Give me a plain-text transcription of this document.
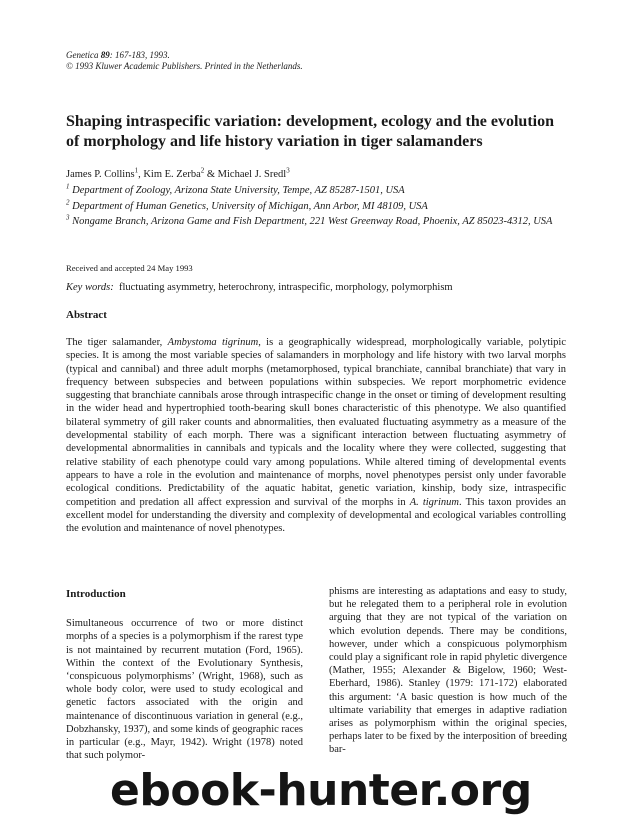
Genetica 89: 167-183, 1993.
© 1993 Kluwer Academic Publishers. Printed in the Netherlands.
Shaping intraspecific variation: development, ecology and the evolution of morphology and life history variation in tiger salamanders
James P. Collins$^1$, Kim E. Zerba$^2$ & Michael J. Sredl$^3$
$^1$ Department of Zoology, Arizona State University, Tempe, AZ 85287-1501, USA
$^2$ Department of Human Genetics, University of Michigan, Ann Arbor, MI 48109, USA
$^3$ Nongame Branch, Arizona Game and Fish Department, 221 West Greenway Road, Phoenix, AZ 85023-4312, USA
Received and accepted 24 May 1993
Key words: fluctuating asymmetry, heterochrony, intraspecific, morphology, polymorphism
Abstract

The tiger salamander, Ambystoma tigrinum, is a geographically widespread, morphologically variable, polytipic species. It is among the most variable species of salamanders in morphology and life history with two larval morphs (typical and cannibal) and three adult morphs (metamorphosed, typical branchiate, cannibal branchiate) that vary in frequency between subspecies and between populations within subspecies. We report morphometric evidence suggesting that branchiate cannibals arose through intraspecific change in the onset or timing of development resulting in the wider head and hypertrophied tooth-bearing skull bones characteristic of this phenotype. We also quantified bilateral symmetry of gill raker counts and abnormalities, then evaluated fluctuating asymmetry as a measure of the developmental stability of each morph. There was a significant interaction between fluctuating asymmetry of developmental abnormalities in cannibals and typicals and the locality where they were collected, suggesting that relative stability of each phenotype could vary among populations. While altered timing of developmental events appears to have a role in the evolution and maintenance of morphs, novel phenotypes persist only under favorable ecological conditions. Predictability of the aquatic habitat, genetic variation, kinship, body size, intraspecific competition and predation all affect expression and survival of the morphs in A. tigrinum. This taxon provides an excellent model for understanding the diversity and complexity of developmental and ecological variables controlling the evolution and maintenance of novel phenotypes.

Introduction

Simultaneous occurrence of two or more distinct morphs of a species is a polymorphism if the rarest type is not maintained by recurrent mutation (Ford, 1965). Within the context of the Evolutionary Synthesis, ‘conspicuous polymorphisms’ (Wright, 1968), such as whole body color, were used to study ecological and genetic factors associated with the origin and maintenance of discontinuous variation in general (e.g., Dobzhansky, 1937), and some kinds of geographic races in particular (e.g., Mayr, 1942). Wright (1978) noted that such polymor-

phisms are interesting as adaptations and easy to study, but he relegated them to a peripheral role in evolution arguing that they are not typical of the variation on which evolution depends. There may be conditions, however, under which a conspicuous polymorphism could play a significant role in rapid phyletic divergence (Mather, 1955; Alexander & Bigelow, 1960; West-Eberhard, 1986). Stanley (1979: 171-172) elaborated this argument: ‘A basic question is how much of the ultimate variability that emerges in adaptive radiation arises as polymorphism within the original species, perhaps later to be fixed by the interposition of breeding bar-

ebook-hunter.org
